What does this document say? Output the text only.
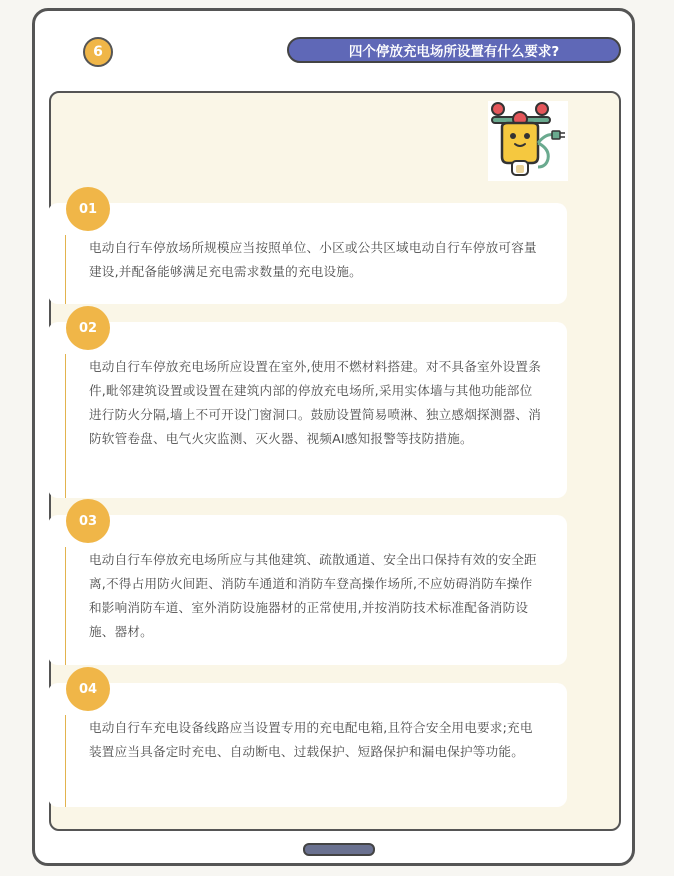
6	四个停放充电场所设置有什么要求?
01
电动自行车停放场所规模应当按照单位、小区或公共区域电动自行车停放可容量建设,并配备能够满足充电需求数量的充电设施。
02
电动自行车停放充电场所应设置在室外,使用不燃材料搭建。对不具备室外设置条件,毗邻建筑设置或设置在建筑内部的停放充电场所,采用实体墙与其他功能部位进行防火分隔,墙上不可开设门窗洞口。鼓励设置简易喷淋、独立感烟探测器、消防软管卷盘、电气火灾监测、灭火器、视频AI感知报警等技防措施。
03
电动自行车停放充电场所应与其他建筑、疏散通道、安全出口保持有效的安全距离,不得占用防火间距、消防车通道和消防车登高操作场所,不应妨碍消防车操作和影响消防车道、室外消防设施器材的正常使用,并按消防技术标准配备消防设施、器材。
04
电动自行车充电设备线路应当设置专用的充电配电箱,且符合安全用电要求;充电装置应当具备定时充电、自动断电、过载保护、短路保护和漏电保护等功能。
